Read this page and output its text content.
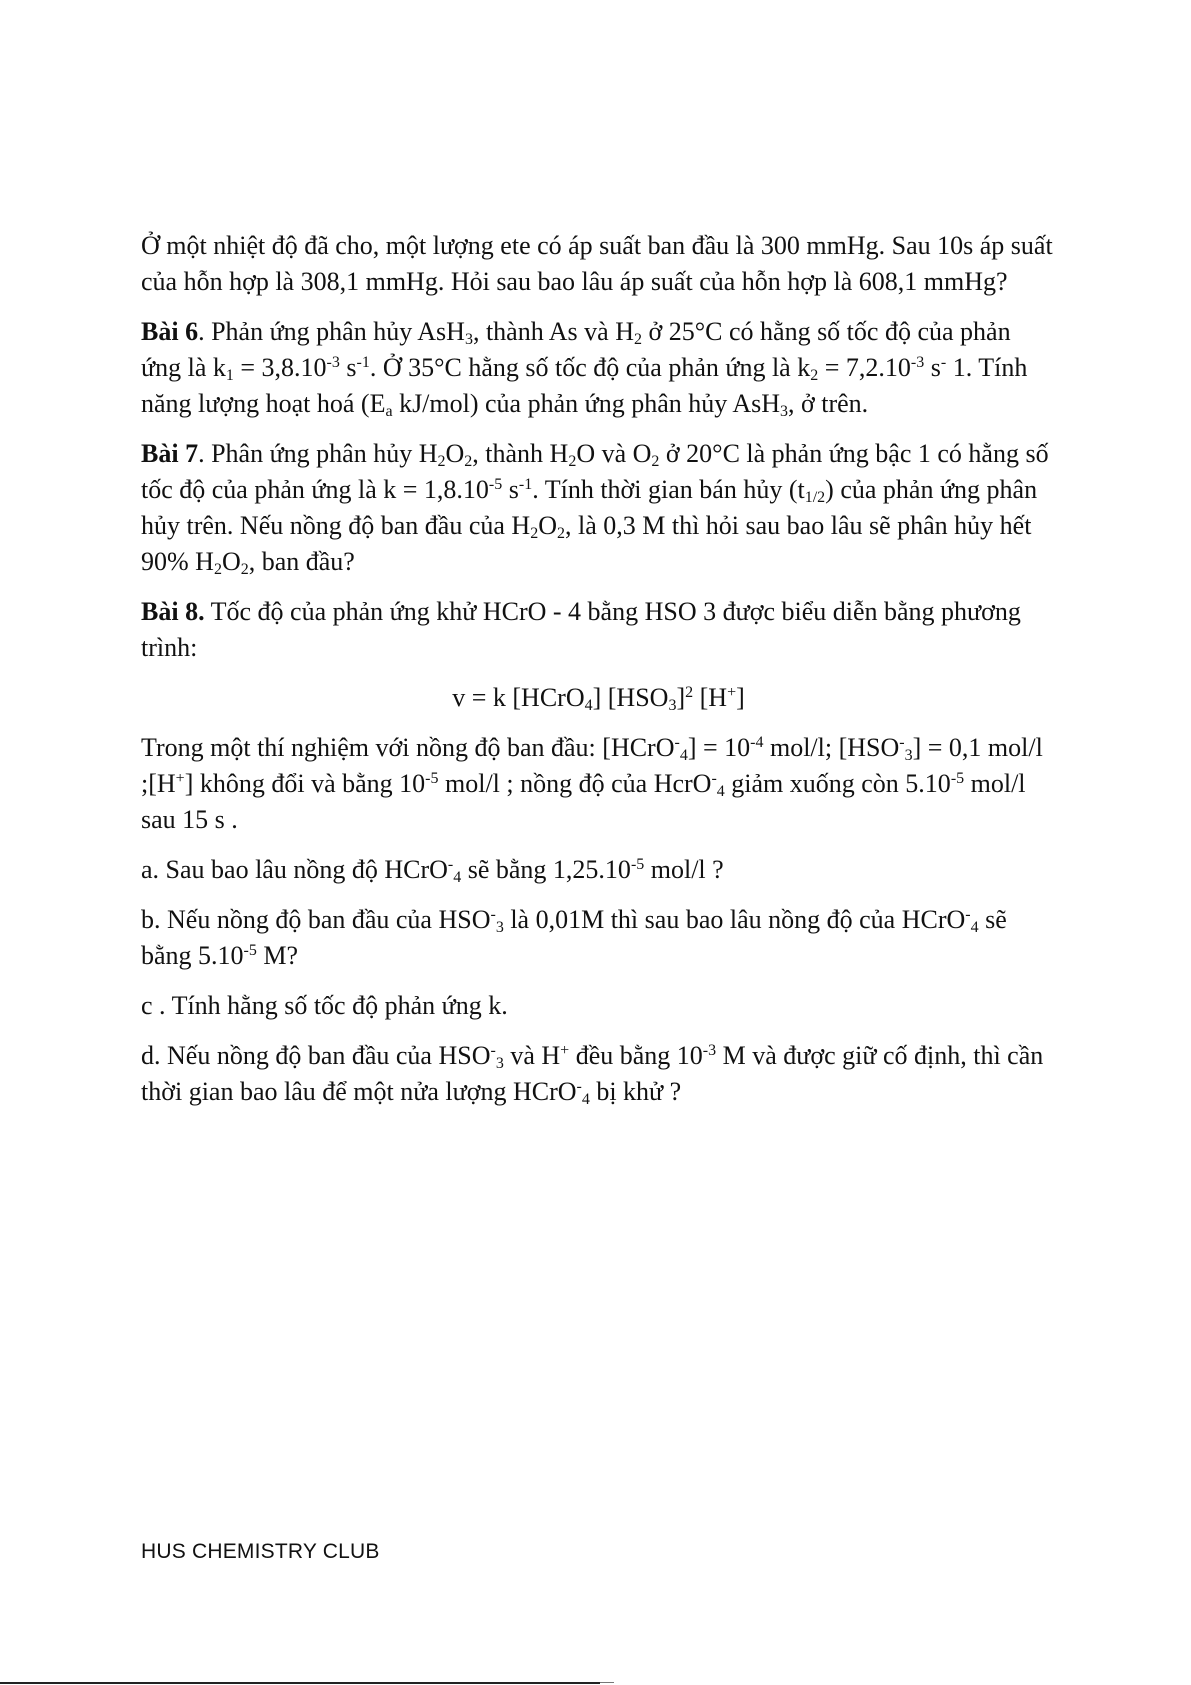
Ở một nhiệt độ đã cho, một lượng ete có áp suất ban đầu là 300 mmHg. Sau 10s áp suất của hỗn hợp là 308,1 mmHg. Hỏi sau bao lâu áp suất của hỗn hợp là 608,1 mmHg?

Bài 6. Phản ứng phân hủy AsH$_3$, thành As và $H_2$ ở 25°C có hằng số tốc độ của phản ứng là $k_1 = 3,8.10^{-3}$ $s^{-1}$. Ở 35°C hằng số tốc độ của phản ứng là $k_2 = 7,2.10^{-3}$ s- 1. Tính năng lượng hoạt hoá ($E_a$ kJ/mol) của phản ứng phân hủy AsH$_3$, ở trên.

Bài 7. Phân ứng phân hủy $H_2O_2$, thành $H_2O$ và $O_2$ ở 20°C là phản ứng bậc 1 có hằng số tốc độ của phản ứng là $k = 1,8.10^{-5}$ $s^{-1}$. Tính thời gian bán hủy $(t_{1/2})$ của phản ứng phân hủy trên. Nếu nồng độ ban đầu của $H_2O_2$, là 0,3 M thì hỏi sau bao lâu sẽ phân hủy hết 90% $H_2O_2$, ban đầu?

Bài 8. Tốc độ của phản ứng khử HCrO - 4 bằng HSO 3 được biểu diễn bằng phương trình:

v = k [HCrO$_4$] $[HSO_3]^2$ [H+]

Trong một thí nghiệm với nồng độ ban đầu: [HCrO-$_4$] = $10^{-4}$ mol/l; $[HSO^-_3] = 0,1$ mol/l ;[H+] không đổi và bằng $10^{-5}$ mol/l ; nồng độ của HcrO-$_4$ giảm xuống còn $5.10^{-5}$ mol/l sau 15 s .

a. Sau bao lâu nồng độ HCrO-$_4$ sẽ bằng $1,25.10^{-5}$ mol/l ?

b. Nếu nồng độ ban đầu của $HSO^-_3$ là 0,01M thì sau bao lâu nồng độ của HCrO-$_4$ sẽ bằng $5.10^{-5}$ M?

c . Tính hằng số tốc độ phản ứng k.

d. Nếu nồng độ ban đầu của $HSO^-_3$ và H+ đều bằng $10^{-3}$ M và được giữ cố định, thì cần thời gian bao lâu để một nửa lượng HCrO-$_4$ bị khử ?

HUS CHEMISTRY CLUB
